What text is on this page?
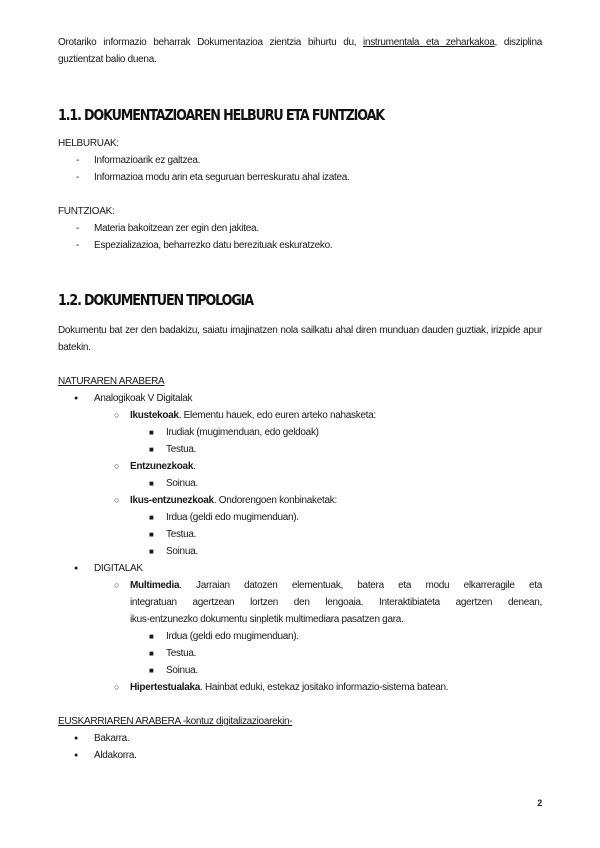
Orotariko informazio beharrak Dokumentazioa zientzia bihurtu du, instrumentala eta zeharkakoa, disziplina guztientzat balio duena.

1.1. DOKUMENTAZIOAREN HELBURU ETA FUNTZIOAK
HELBURUAK:
-	Informazioarik ez galtzea.
-	Informazioa modu arin eta seguruan berreskuratu ahal izatea.
FUNTZIOAK:
-	Materia bakoitzean zer egin den jakitea.
-	Espezializazioa, beharrezko datu berezituak eskuratzeko.
1.2. DOKUMENTUEN TIPOLOGIA

Dokumentu bat zer den badakizu, saiatu imajinatzen nola sailkatu ahal diren munduan dauden guztiak, irizpide apur batekin.

NATURAREN ARABERA
● Analogikoak V Digitalak
○ Ikustekoak. Elementu hauek, edo euren arteko nahasketa:
■ Irudiak (mugimenduan, edo geldoak)
■ Testua.
○ Entzunezkoak.
■ Soinua.
○ Ikus-entzunezkoak. Ondorengoen konbinaketak:
■ Irdua (geldi edo mugimenduan).
■ Testua.
■ Soinua.
● DIGITALAK
○ Multimedia. Jarraian datozen elementuak, batera eta modu elkarreragile eta
integratuan agertzean lortzen den lengoaia. Interaktibiateta agertzen denean,
ikus-entzunezko dokumentu sinpletik multimediara pasatzen gara.
■ Irdua (geldi edo mugimenduan).
■ Testua.
■ Soinua.
○ Hipertestualaka. Hainbat eduki, estekaz jositako informazio-sistema batean.
EUSKARRIAREN ARABERA -kontuz digitalizazioarekin-
● Bakarra.
● Aldakorra.
2
